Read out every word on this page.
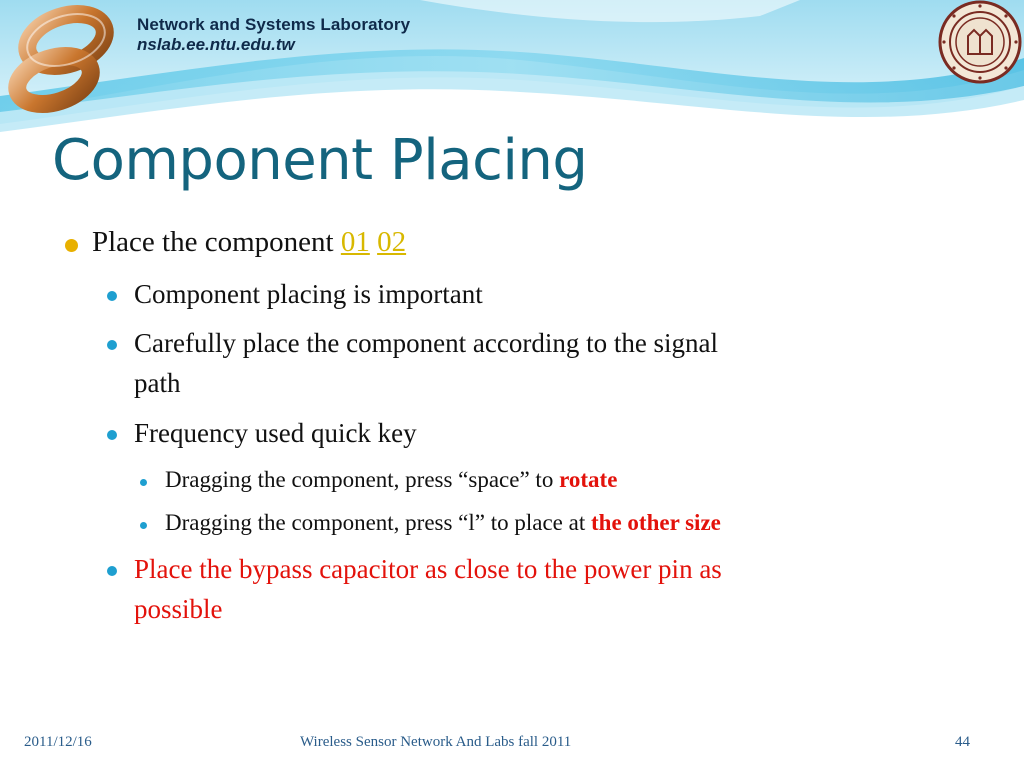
Network and Systems Laboratory
nslab.ee.ntu.edu.tw
Component Placing
Place the component 01 02
Component placing is important
Carefully place the component according to the signal
path
Frequency used quick key
Dragging the component, press “space” to rotate
Dragging the component, press “l” to place at the other size
Place the bypass capacitor as close to the power pin as
possible
2011/12/16	Wireless Sensor Network And Labs fall 2011	44
